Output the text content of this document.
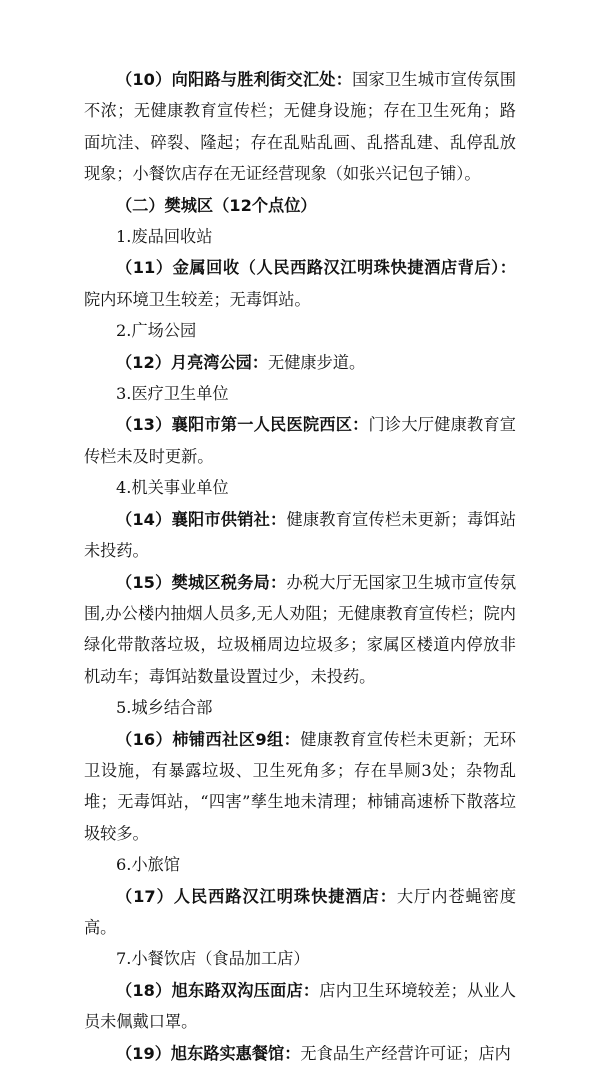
（10）向阳路与胜利街交汇处：国家卫生城市宣传氛围不浓；无健康教育宣传栏；无健身设施；存在卫生死角；路面坑洼、碎裂、隆起；存在乱贴乱画、乱搭乱建、乱停乱放现象；小餐饮店存在无证经营现象（如张兴记包子铺）。

（二）樊城区（12个点位）

1.废品回收站

（11）金属回收（人民西路汉江明珠快捷酒店背后）：院内环境卫生较差；无毒饵站。

2.广场公园

（12）月亮湾公园：无健康步道。

3.医疗卫生单位

（13）襄阳市第一人民医院西区：门诊大厅健康教育宣传栏未及时更新。

4.机关事业单位

（14）襄阳市供销社：健康教育宣传栏未更新；毒饵站未投药。

（15）樊城区税务局：办税大厅无国家卫生城市宣传氛围,办公楼内抽烟人员多,无人劝阻；无健康教育宣传栏；院内绿化带散落垃圾，垃圾桶周边垃圾多；家属区楼道内停放非机动车；毒饵站数量设置过少，未投药。

5.城乡结合部

（16）柿铺西社区9组：健康教育宣传栏未更新；无环卫设施，有暴露垃圾、卫生死角多；存在旱厕3处；杂物乱堆；无毒饵站，“四害”孳生地未清理；柿铺高速桥下散落垃圾较多。

6.小旅馆

（17）人民西路汉江明珠快捷酒店：大厅内苍蝇密度高。

7.小餐饮店（食品加工店）

（18）旭东路双沟压面店：店内卫生环境较差；从业人员未佩戴口罩。

（19）旭东路实惠餐馆：无食品生产经营许可证；店内
